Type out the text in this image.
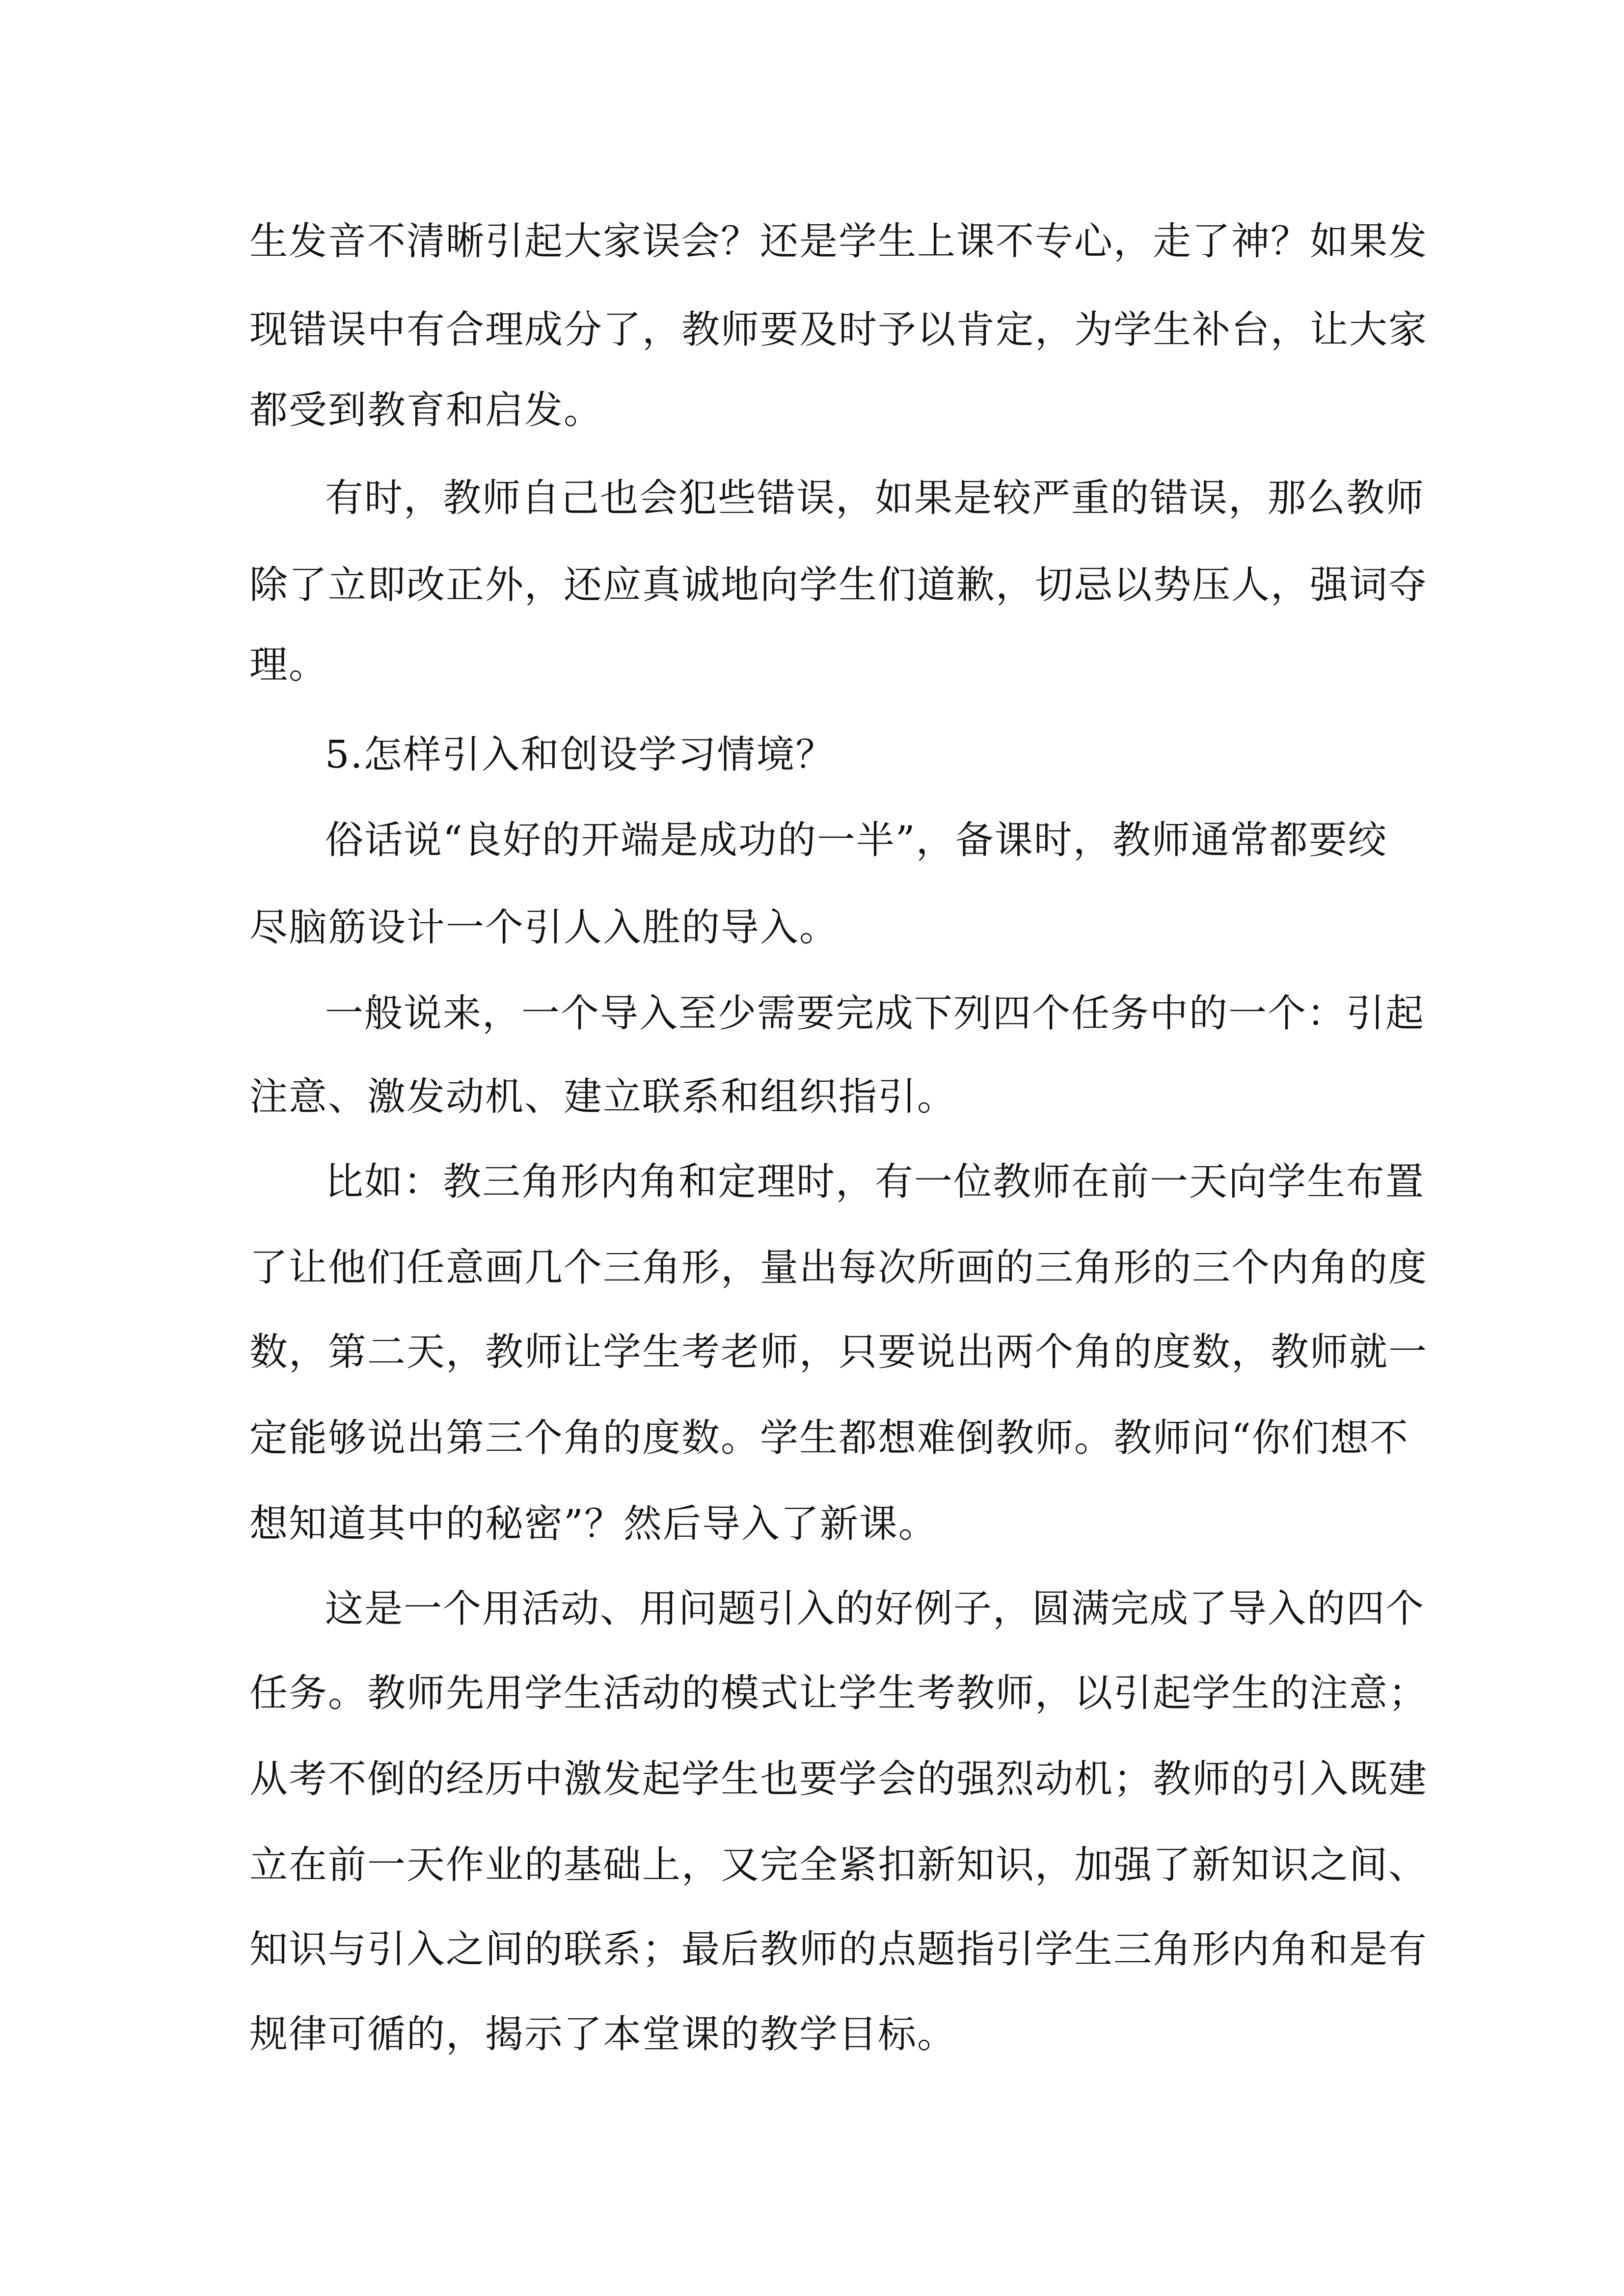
生发音不清晰引起大家误会？还是学生上课不专心，走了神？如果发
现错误中有合理成分了，教师要及时予以肯定，为学生补台，让大家
都受到教育和启发。
有时，教师自己也会犯些错误，如果是较严重的错误，那么教师
除了立即改正外，还应真诚地向学生们道歉，切忌以势压人，强词夺
理。
5.怎样引入和创设学习情境？
俗话说“良好的开端是成功的一半”，备课时，教师通常都要绞
尽脑筋设计一个引人入胜的导入。
一般说来，一个导入至少需要完成下列四个任务中的一个：引起
注意、激发动机、建立联系和组织指引。
比如：教三角形内角和定理时，有一位教师在前一天向学生布置
了让他们任意画几个三角形，量出每次所画的三角形的三个内角的度
数，第二天，教师让学生考老师，只要说出两个角的度数，教师就一
定能够说出第三个角的度数。学生都想难倒教师。教师问“你们想不
想知道其中的秘密”？然后导入了新课。
这是一个用活动、用问题引入的好例子，圆满完成了导入的四个
任务。教师先用学生活动的模式让学生考教师，以引起学生的注意；
从考不倒的经历中激发起学生也要学会的强烈动机；教师的引入既建
立在前一天作业的基础上，又完全紧扣新知识，加强了新知识之间、
知识与引入之间的联系；最后教师的点题指引学生三角形内角和是有
规律可循的，揭示了本堂课的教学目标。
